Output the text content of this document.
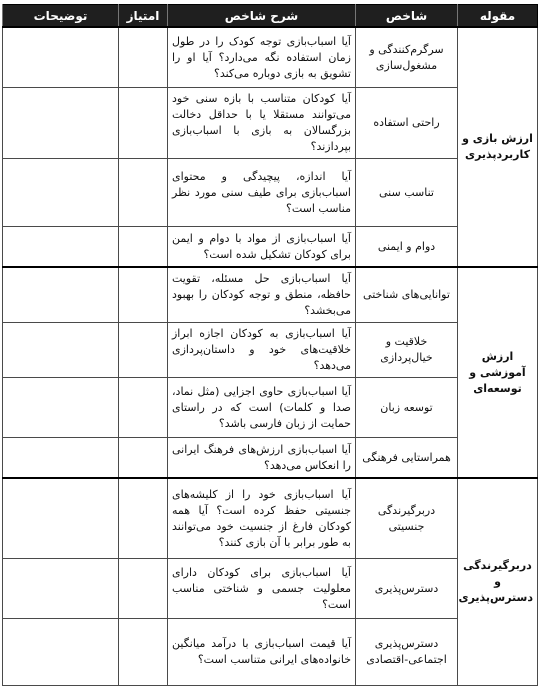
مقوله	شاخص	شرح شاخص	امتیاز	توضیحات
ارزش بازی و کاربردپذیری	سرگرم‌کنندگی و مشغول‌سازی	آیا اسباب‌بازی توجه کودک را در طول زمان استفاده نگه می‌دارد؟ آیا او را تشویق به بازی دوباره می‌کند؟		
	راحتی استفاده	آیا کودکان متناسب با بازه سنی خود می‌توانند مستقلا یا با حداقل دخالت بزرگسالان به بازی با اسباب‌بازی بپردازند؟		
	تناسب سنی	آیا اندازه، پیچیدگی و محتوای اسباب‌بازی برای طیف سنی مورد نظر مناسب است؟		
	دوام و ایمنی	آیا اسباب‌بازی از مواد با دوام و ایمن برای کودکان تشکیل شده است؟		
ارزش آموزشی و توسعه‌ای	توانایی‌های شناختی	آیا اسباب‌بازی حل مسئله، تقویت حافظه، منطق و توجه کودکان را بهبود می‌بخشد؟		
	خلاقیت و خیال‌پردازی	آیا اسباب‌بازی به کودکان اجازه ابراز خلاقیت‌های خود و داستان‌پردازی می‌دهد؟		
	توسعه زبان	آیا اسباب‌بازی حاوی اجزایی (مثل نماد، صدا و کلمات) است که در راستای حمایت از زبان فارسی باشد؟		
	همراستایی فرهنگی	آیا اسباب‌بازی ارزش‌های فرهنگ ایرانی را انعکاس می‌دهد؟		
دربرگیرندگی و دسترس‌پذیری	دربرگیرندگی جنسیتی	آیا اسباب‌بازی خود را از کلیشه‌های جنسیتی حفظ کرده است؟ آیا همه کودکان فارغ از جنسیت خود می‌توانند به طور برابر با آن بازی کنند؟		
	دسترس‌پذیری	آیا اسباب‌بازی برای کودکان دارای معلولیت جسمی و شناختی مناسب است؟		
	دسترس‌پذیری اجتماعی-اقتصادی	آیا قیمت اسباب‌بازی با درآمد میانگین خانواده‌های ایرانی متناسب است؟		
